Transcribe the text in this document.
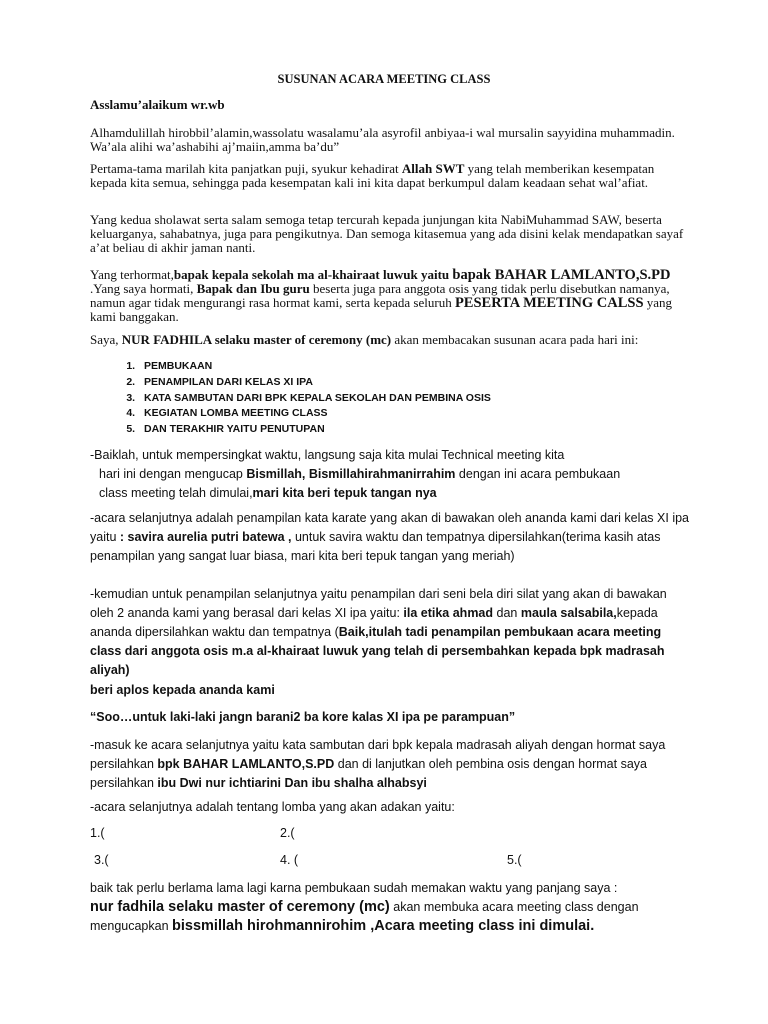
SUSUNAN ACARA MEETING CLASS

Asslamu’alaikum wr.wb

Alhamdulillah hirobbil’alamin,wassolatu wasalamu’ala asyrofil anbiyaa-i wal mursalin sayyidina muhammadin. Wa’ala alihi wa’ashabihi aj’maiin,amma ba’du”

Pertama-tama marilah kita panjatkan puji, syukur kehadirat Allah SWT yang telah memberikan kesempatan kepada kita semua, sehingga pada kesempatan kali ini kita dapat berkumpul dalam keadaan sehat wal’afiat.

Yang kedua sholawat serta salam semoga tetap tercurah kepada junjungan kita NabiMuhammad SAW, beserta keluarganya, sahabatnya, juga para pengikutnya. Dan semoga kitasemua yang ada disini kelak mendapatkan sayaf a’at beliau di akhir jaman nanti.

Yang terhormat,bapak kepala sekolah ma al-khairaat luwuk yaitu bapak BAHAR LAMLANTO,S.PD .Yang saya hormati, Bapak dan Ibu guru beserta juga para anggota osis yang tidak perlu disebutkan namanya, namun agar tidak mengurangi rasa hormat kami, serta kepada seluruh PESERTA MEETING CALSS yang kami banggakan.

Saya, NUR FADHILA selaku master of ceremony (mc) akan membacakan susunan acara pada hari ini:

1. PEMBUKAAN
2. PENAMPILAN DARI KELAS XI IPA
3. KATA SAMBUTAN DARI BPK KEPALA SEKOLAH DAN PEMBINA OSIS
4. KEGIATAN LOMBA MEETING CLASS
5. DAN TERAKHIR YAITU PENUTUPAN
-Baiklah, untuk mempersingkat waktu, langsung saja kita mulai Technical meeting kita
hari ini dengan mengucap Bismillah, Bismillahirahmanirrahim dengan ini acara pembukaan
class meeting telah dimulai,mari kita beri tepuk tangan nya

-acara selanjutnya adalah penampilan kata karate yang akan di bawakan oleh ananda kami dari kelas XI ipa yaitu : savira aurelia putri batewa , untuk savira waktu dan tempatnya dipersilahkan(terima kasih atas penampilan yang sangat luar biasa, mari kita beri tepuk tangan yang meriah)

-kemudian untuk penampilan selanjutnya yaitu penampilan dari seni bela diri silat yang akan di bawakan oleh 2 ananda kami yang berasal dari kelas XI ipa yaitu: ila etika ahmad dan maula salsabila,kepada ananda dipersilahkan waktu dan tempatnya (Baik,itulah tadi penampilan pembukaan acara meeting class dari anggota osis m.a al-khairaat luwuk yang telah di persembahkan kepada bpk madrasah aliyah)

beri aplos kepada ananda kami

“Soo…untuk laki-laki jangn barani2 ba kore kalas XI ipa pe parampuan”

-masuk ke acara selanjutnya yaitu kata sambutan dari bpk kepala madrasah aliyah dengan hormat saya persilahkan bpk BAHAR LAMLANTO,S.PD dan di lanjutkan oleh pembina osis dengan hormat saya persilahkan ibu Dwi nur ichtiarini Dan ibu shalha alhabsyi

-acara selanjutnya adalah tentang lomba yang akan adakan yaitu:

1.(	2.(
3.(	4. (	5.(

baik tak perlu berlama lama lagi karna pembukaan sudah memakan waktu yang panjang saya :
nur fadhila selaku master of ceremony (mc) akan membuka acara meeting class dengan mengucapkan bissmillah hirohmannirohim ,Acara meeting class ini dimulai.
